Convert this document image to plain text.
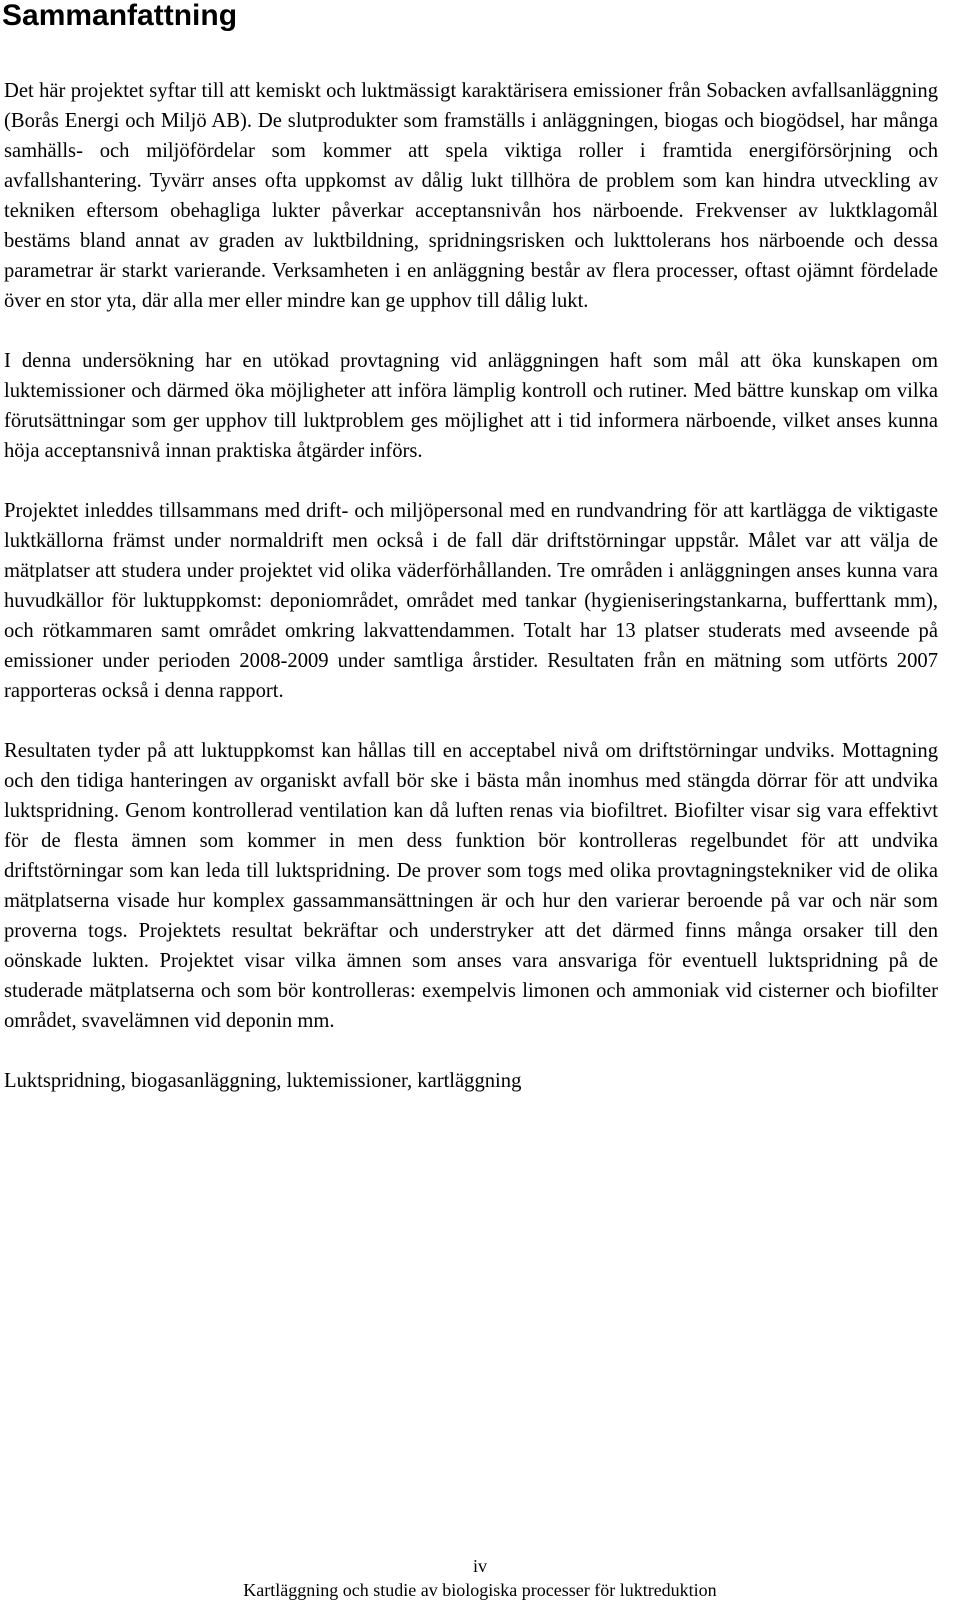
Sammanfattning

Det här projektet syftar till att kemiskt och luktmässigt karaktärisera emissioner från Sobacken avfallsanläggning (Borås Energi och Miljö AB). De slutprodukter som framställs i anläggningen, biogas och biogödsel, har många samhälls- och miljöfördelar som kommer att spela viktiga roller i framtida energiförsörjning och avfallshantering. Tyvärr anses ofta uppkomst av dålig lukt tillhöra de problem som kan hindra utveckling av tekniken eftersom obehagliga lukter påverkar acceptansnivån hos närboende. Frekvenser av luktklagomål bestäms bland annat av graden av luktbildning, spridningsrisken och lukttolerans hos närboende och dessa parametrar är starkt varierande. Verksamheten i en anläggning består av flera processer, oftast ojämnt fördelade över en stor yta, där alla mer eller mindre kan ge upphov till dålig lukt.

I denna undersökning har en utökad provtagning vid anläggningen haft som mål att öka kunskapen om luktemissioner och därmed öka möjligheter att införa lämplig kontroll och rutiner. Med bättre kunskap om vilka förutsättningar som ger upphov till luktproblem ges möjlighet att i tid informera närboende, vilket anses kunna höja acceptansnivå innan praktiska åtgärder införs.

Projektet inleddes tillsammans med drift- och miljöpersonal med en rundvandring för att kartlägga de viktigaste luktkällorna främst under normaldrift men också i de fall där driftstörningar uppstår. Målet var att välja de mätplatser att studera under projektet vid olika väderförhållanden. Tre områden i anläggningen anses kunna vara huvudkällor för luktuppkomst: deponiområdet, området med tankar (hygieniseringstankarna, bufferttank mm), och rötkammaren samt området omkring lakvattendammen. Totalt har 13 platser studerats med avseende på emissioner under perioden 2008-2009 under samtliga årstider. Resultaten från en mätning som utförts 2007 rapporteras också i denna rapport.

Resultaten tyder på att luktuppkomst kan hållas till en acceptabel nivå om driftstörningar undviks. Mottagning och den tidiga hanteringen av organiskt avfall bör ske i bästa mån inomhus med stängda dörrar för att undvika luktspridning. Genom kontrollerad ventilation kan då luften renas via biofiltret. Biofilter visar sig vara effektivt för de flesta ämnen som kommer in men dess funktion bör kontrolleras regelbundet för att undvika driftstörningar som kan leda till luktspridning. De prover som togs med olika provtagningstekniker vid de olika mätplatserna visade hur komplex gassammansättningen är och hur den varierar beroende på var och när som proverna togs. Projektets resultat bekräftar och understryker att det därmed finns många orsaker till den oönskade lukten. Projektet visar vilka ämnen som anses vara ansvariga för eventuell luktspridning på de studerade mätplatserna och som bör kontrolleras: exempelvis limonen och ammoniak vid cisterner och biofilter området, svavelämnen vid deponin mm.

Luktspridning, biogasanläggning, luktemissioner, kartläggning

iv
Kartläggning och studie av biologiska processer för luktreduktion
